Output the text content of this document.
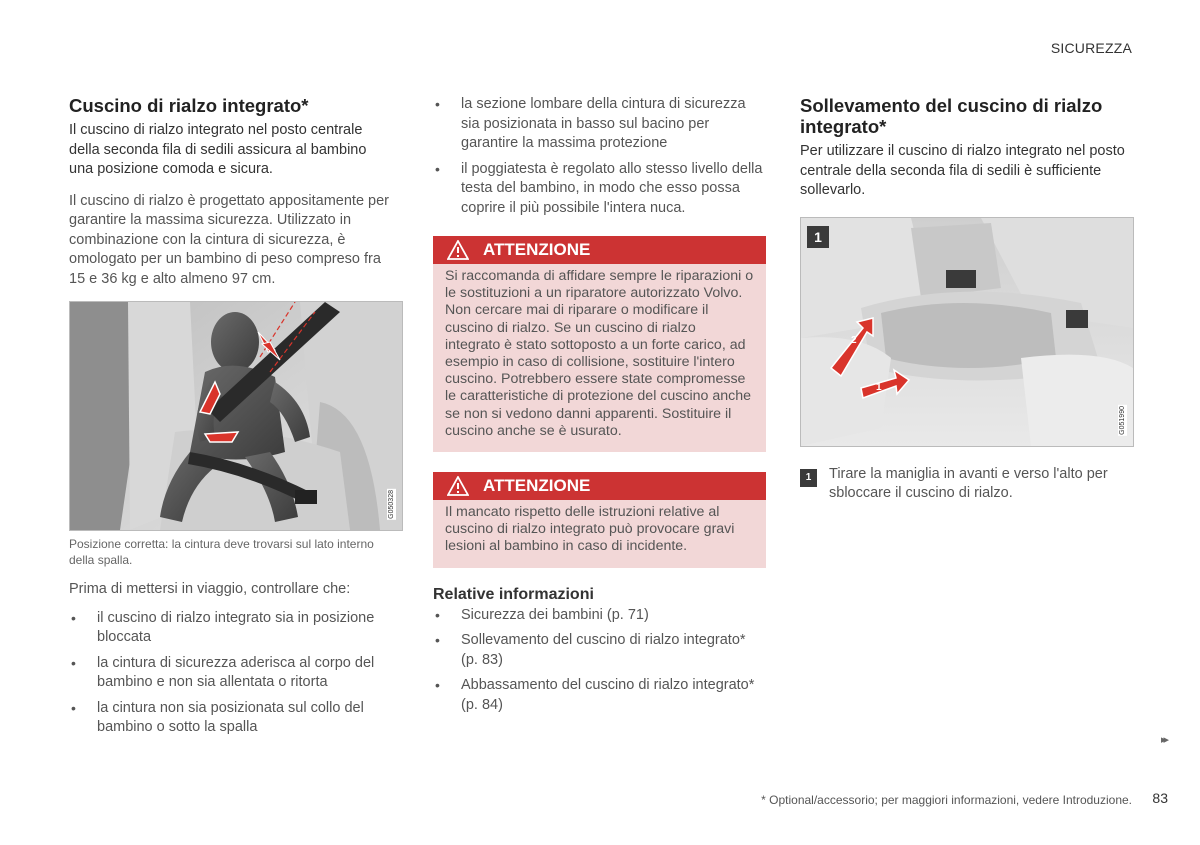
SICUREZZA
Cuscino di rialzo integrato*

Il cuscino di rialzo integrato nel posto centrale della seconda fila di sedili assicura al bambino una posizione comoda e sicura.

Il cuscino di rialzo è progettato appositamente per garantire la massima sicurezza. Utilizzato in combinazione con la cintura di sicurezza, è omologato per un bambino di peso compreso fra 15 e 36 kg e alto almeno 97 cm.

G050328
Posizione corretta: la cintura deve trovarsi sul lato interno della spalla.

Prima di mettersi in viaggio, controllare che:

• il cuscino di rialzo integrato sia in posizione bloccata
• la cintura di sicurezza aderisca al corpo del bambino e non sia allentata o ritorta
• la cintura non sia posizionata sul collo del bambino o sotto la spalla
• la sezione lombare della cintura di sicurezza sia posizionata in basso sul bacino per garantire la massima protezione
• il poggiatesta è regolato allo stesso livello della testa del bambino, in modo che esso possa coprire il più possibile l'intera nuca.
ATTENZIONE
Si raccomanda di affidare sempre le riparazioni o le sostituzioni a un riparatore autorizzato Volvo. Non cercare mai di riparare o modificare il cuscino di rialzo. Se un cuscino di rialzo integrato è stato sottoposto a un forte carico, ad esempio in caso di collisione, sostituire l'intero cuscino. Potrebbero essere state compromesse le caratteristiche di protezione del cuscino anche se non si vedono danni apparenti. Sostituire il cuscino anche se è usurato.
ATTENZIONE
Il mancato rispetto delle istruzioni relative al cuscino di rialzo integrato può provocare gravi lesioni al bambino in caso di incidente.
Relative informazioni
• Sicurezza dei bambini (p. 71)
• Sollevamento del cuscino di rialzo integrato* (p. 83)
• Abbassamento del cuscino di rialzo integrato* (p. 84)
Sollevamento del cuscino di rialzo integrato*

Per utilizzare il cuscino di rialzo integrato nel posto centrale della seconda fila di sedili è sufficiente sollevarlo.

2
1
1
G051990
1	Tirare la maniglia in avanti e verso l'alto per sbloccare il cuscino di rialzo.
▸▸
* Optional/accessorio; per maggiori informazioni, vedere Introduzione. 83
